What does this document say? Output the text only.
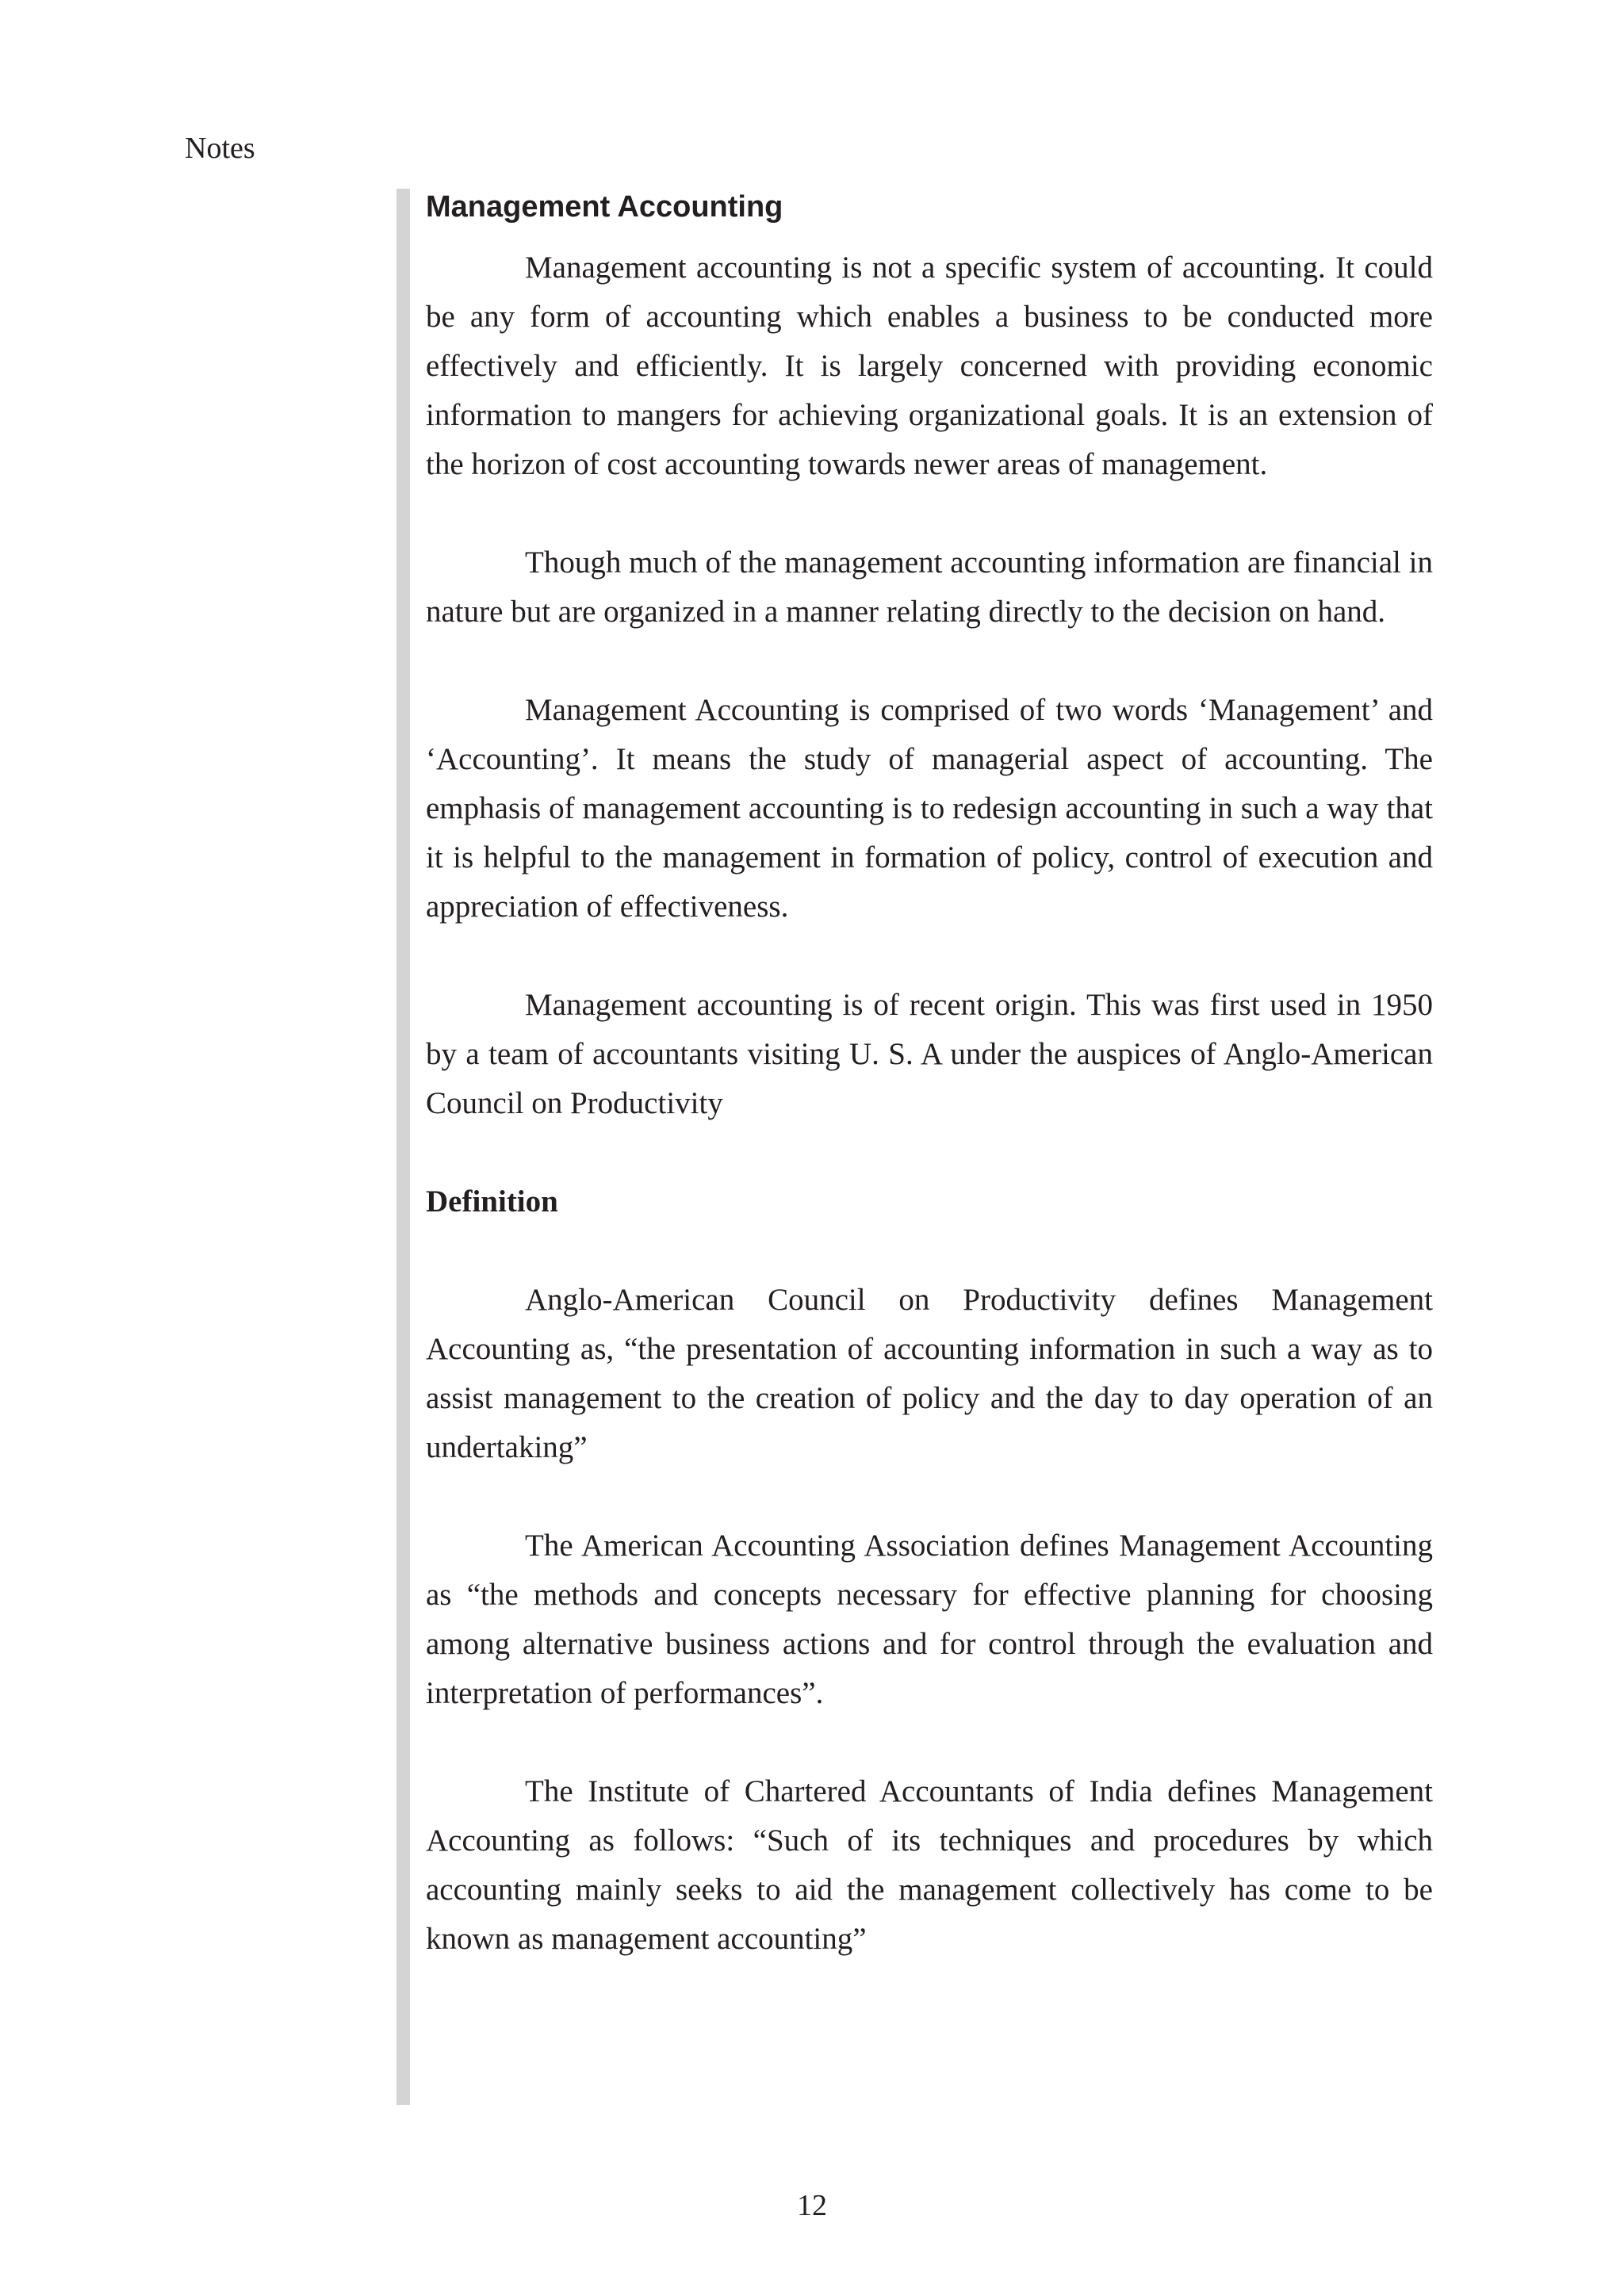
Notes
Management Accounting

Management accounting is not a specific system of accounting. It could be any form of accounting which enables a business to be conducted more effectively and efficiently. It is largely concerned with providing economic information to mangers for achieving organizational goals. It is an extension of the horizon of cost accounting towards newer areas of management.

Though much of the management accounting information are financial in nature but are organized in a manner relating directly to the decision on hand.

Management Accounting is comprised of two words ‘Management’ and ‘Accounting’. It means the study of managerial aspect of accounting. The emphasis of management accounting is to redesign accounting in such a way that it is helpful to the management in formation of policy, control of execution and appreciation of effectiveness.

Management accounting is of recent origin. This was first used in 1950 by a team of accountants visiting U. S. A under the auspices of Anglo-American Council on Productivity

Definition

Anglo-American Council on Productivity defines Management Accounting as, “the presentation of accounting information in such a way as to assist management to the creation of policy and the day to day operation of an undertaking”

The American Accounting Association defines Management Accounting as “the methods and concepts necessary for effective planning for choosing among alternative business actions and for control through the evaluation and interpretation of performances”.

The Institute of Chartered Accountants of India defines Management Accounting as follows: “Such of its techniques and procedures by which accounting mainly seeks to aid the management collectively has come to be known as management accounting”

12
